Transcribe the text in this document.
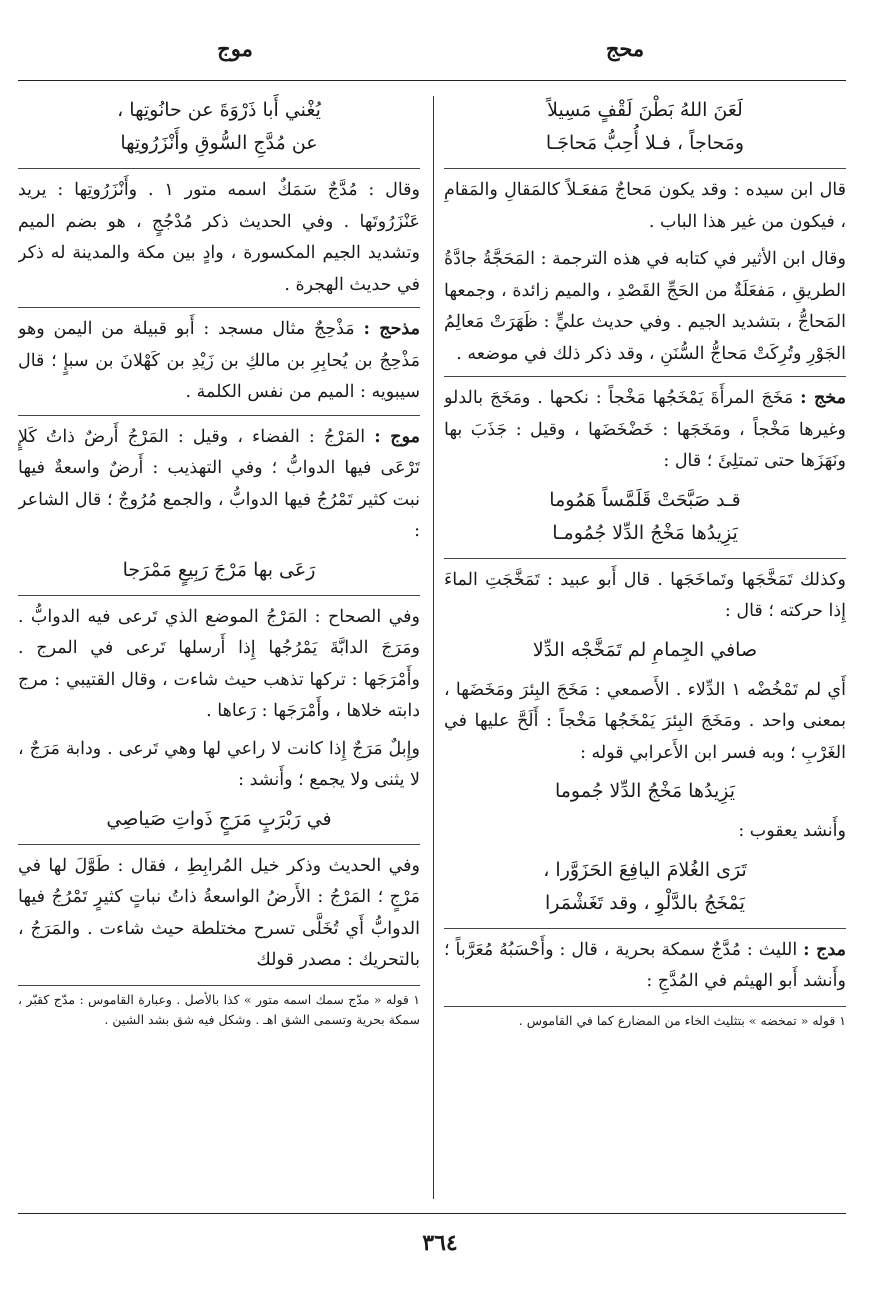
محج
موج
لَعَنَ اللهُ بَطْنَ لَقْفٍ مَسِيلاً
ومَحاجاً ، فـلا أُحِبُّ مَحاجَـا

قال ابن سيده : وقد يكون مَحاجٌ مَفعَـلاً كالمَقالِ والمَقامِ ، فيكون من غير هذا الباب .

وقال ابن الأثير في كتابه في هذه الترجمة : المَحَجَّةُ جادَّةُ الطريقِ ، مَفعَلَةٌ من الحَجِّ القَصْدِ ، والميم زائدة ، وجمعها المَحاجُّ ، بتشديد الجيم . وفي حديث عليٍّ : ظَهَرَتْ مَعالِمُ الجَوْرِ وتُرِكَتْ مَحاجُّ السُّنَنِ ، وقد ذكر ذلك في موضعه .

مخج : مَخَجَ المرأَةَ يَمْخَجُها مَخْجاً : نكحها . ومَخَجَ بالدلو وغيرها مَخْجاً ، ومَخَجَها : خَضْخَضَها ، وقيل : جَذَبَ بها ونَهَزَها حتى تمتلِئَ ؛ قال :

قـد صَبَّحَتْ قَلَمَّساً هَمُوما
يَزِيدُها مَخْجُ الدِّلا جُمُومـا

وكذلك تَمَخَّجَها وتَماخَجَها . قال أَبو عبيد : تَمَخَّجَتِ الماءَ إِذا حركته ؛ قال :

صافي الجِمامِ لم تَمَخَّجْه الدِّلا

أَي لم تَمْخُضْه ١ الدِّلاء . الأَصمعي : مَخَجَ البِئرَ ومَخَضَها ، بمعنى واحد . ومَخَجَ البِئرَ يَمْخَجُها مَخْجاً : أَلَحَّ عليها في الغَرْبِ ؛ وبه فسر ابن الأَعرابي قوله :

يَزِيدُها مَخْجُ الدِّلا جُموما

وأَنشد يعقوب :

تَرَى الغُلامَ اليافِعَ الحَزَوَّرا ،
يَمْخَجُ بالدَّلْوِ ، وقد تَغَشْمَرا

مدج : الليث : مُدَّجٌ سمكة بحرية ، قال : وأَحْسَبُهُ مُعَرَّباً ؛ وأَنشد أَبو الهيثم في المُدَّجِ :

١ قوله « تمخضه » بتثليث الخاء من المضارع كما في القاموس .

يُغْني أَبا ذَرْوَةَ عن حانُوتِها ،
عن مُدَّجِ السُّوقِ وأَنْزَرُوتِها

وقال : مُدَّجٌ سَمَكٌ اسمه متور ١ . وأَنْزَرُوتِها : يريد عَنْزَرُوتَها . وفي الحديث ذكر مُدْجُجٍ ، هو بضم الميم وتشديد الجيم المكسورة ، وادٍ بين مكة والمدينة له ذكر في حديث الهجرة .

مذحج : مَذْحِجٌ مثال مسجد : أَبو قبيلة من اليمن وهو مَذْحِجُ بن يُحابِرِ بن مالكِ بن زَيْدِ بن كَهْلانَ بن سبإٍ ؛ قال سيبويه : الميم من نفس الكلمة .

موج : المَرْجُ : الفضاء ، وقيل : المَرْجُ أَرضٌ ذاتُ كَلإٍ تَرْعَى فيها الدوابُّ ؛ وفي التهذيب : أَرضٌ واسعةٌ فيها نبت كثير تَمْرُجُ فيها الدوابُّ ، والجمع مُرُوجٌ ؛ قال الشاعر :

رَعَى بها مَرْجَ رَبِيعٍ مَمْرَجا

وفي الصحاح : المَرْجُ الموضع الذي تَرعى فيه الدوابُّ . ومَرَجَ الدابَّةَ يَمْرُجُها إِذا أَرسلها تَرعى في المرج . وأَمْرَجَها : تركها تذهب حيث شاءت ، وقال القتيبي : مرج دابته خلاها ، وأَمْرَجَها : رَعاها .

وإِبلٌ مَرَجٌ إِذا كانت لا راعي لها وهي تَرعى . ودابة مَرَجٌ ، لا يثنى ولا يجمع ؛ وأَنشد :

في رَبْرَبٍ مَرَجٍ ذَواتِ صَياصِي

وفي الحديث وذكر خيل المُرابِطِ ، فقال : طَوَّلَ لها في مَرْجٍ ؛ المَرْجُ : الأَرضُ الواسعةُ ذاتُ نباتٍ كثيرٍ تَمْرُجُ فيها الدوابُّ أَي تُخَلَّى تسرح مختلطة حيث شاءت . والمَرَجُ ، بالتحريك : مصدر قولك

١ قوله « مدّج سمك اسمه متور » كذا بالأصل . وعبارة القاموس : مدّج كقبّر ، سمكة بحرية وتسمى الشق اهـ . وشكل فيه شق بشد الشين .

٣٦٤
